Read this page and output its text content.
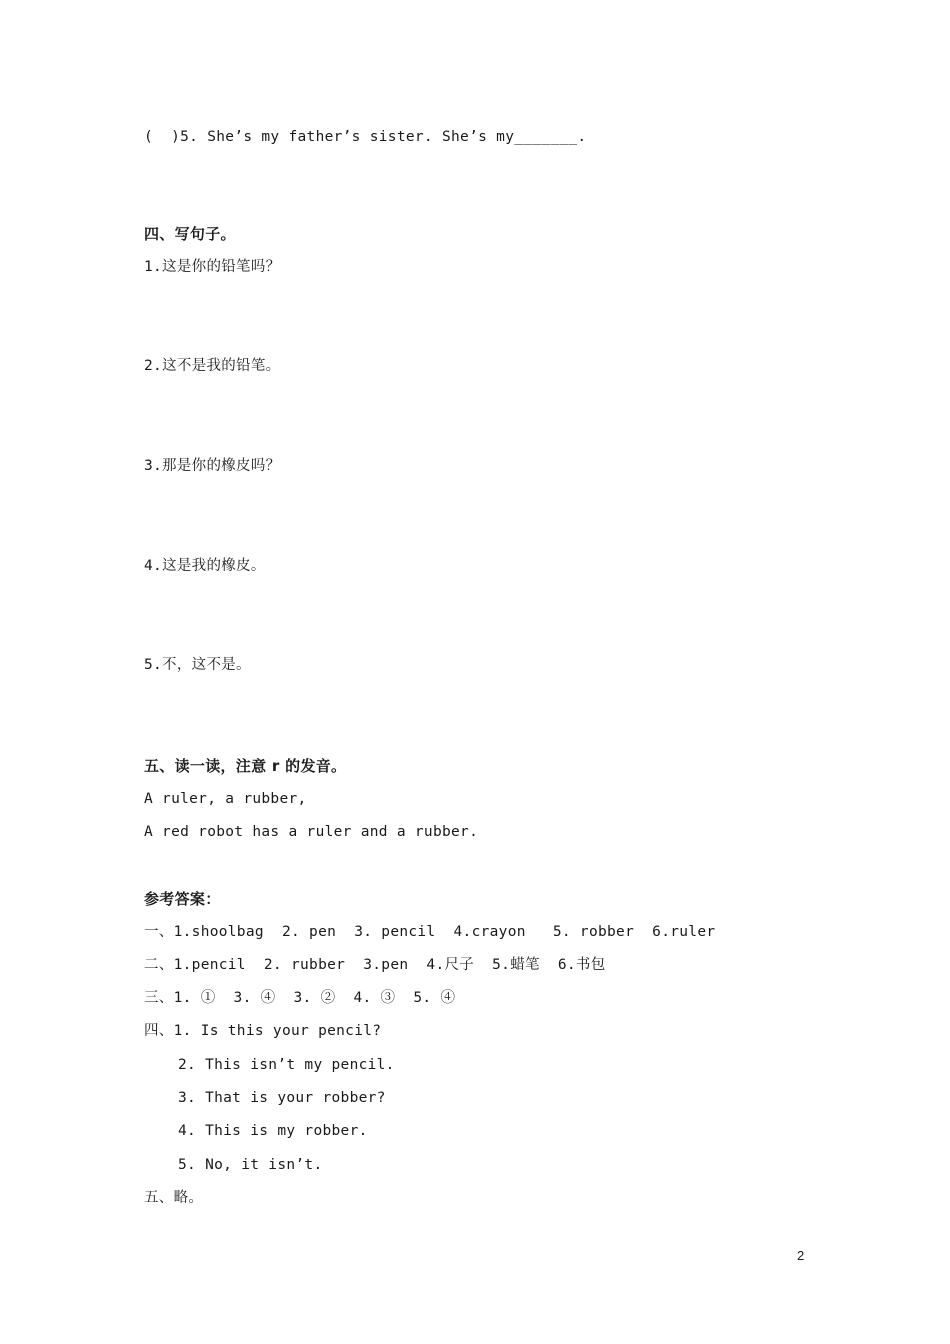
(  )5. She’s my father’s sister. She’s my_______.
四、写句子。
1.这是你的铅笔吗？
2.这不是我的铅笔。
3.那是你的橡皮吗？
4.这是我的橡皮。
5.不，这不是。
五、读一读，注意 r 的发音。
A ruler, a rubber,
A red robot has a ruler and a rubber.
参考答案：
一、1.shoolbag  2. pen  3. pencil  4.crayon   5. robber  6.ruler
二、1.pencil  2. rubber  3.pen  4.尺子  5.蜡笔  6.书包
三、1. ①  3. ④  3. ②  4. ③  5. ④
四、1. Is this your pencil?
2. This isn’t my pencil.
3. That is your robber?
4. This is my robber.
5. No, it isn’t.
五、略。
2
